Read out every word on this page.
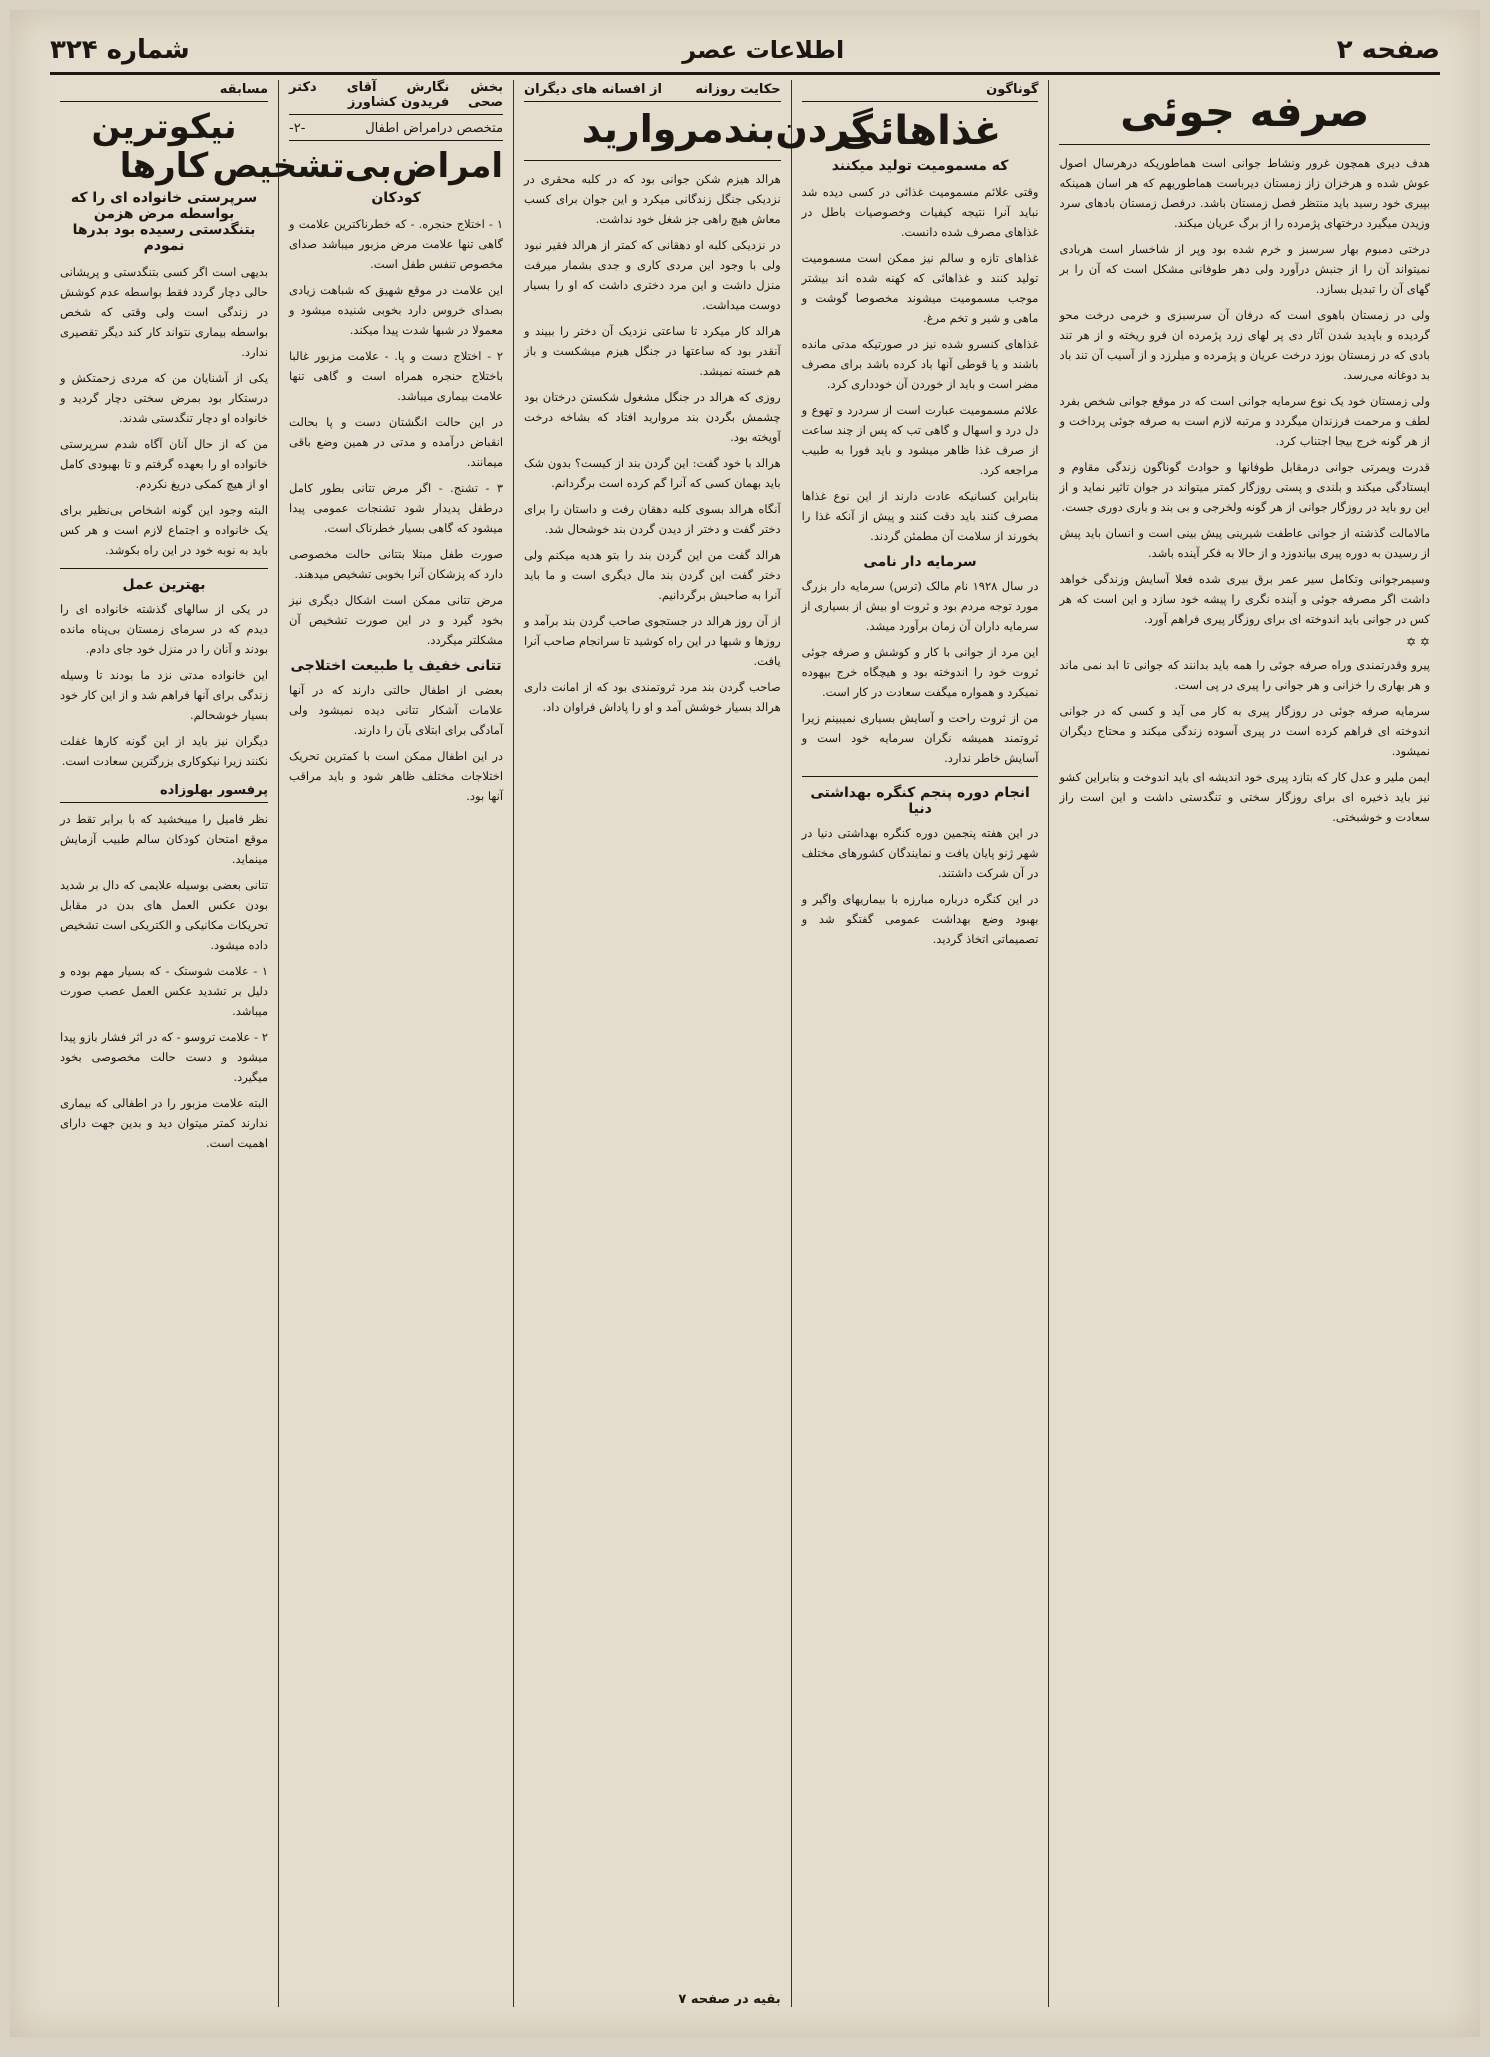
صفحه ۲
اطلاعات عصر
شماره ۳۲۴
صرفه جوئی

هدف دیری همچون غرور ونشاط جوانی است هماطوریکه درهرسال اصول عوش شده و هرخزان زاز زمستان دیرباست هماطوریهم که هر اسان همینکه بپیری خود رسید باید منتظر فصل زمستان باشد. درفصل زمستان بادهای سرد وزیدن میگیرد درختهای پژمرده را از برگ عریان میکند.

درختی دمبوم بهار سرسبز و خرم شده بود وپر از شاخسار است هربادی نمیتواند آن را از جنبش درآورد ولی دهر طوفانی مشکل است که آن را بر گهای آن را تبدیل بسازد.

ولی در زمستان باهوی است که درفان آن سرسبزی و خرمی درخت محو گردیده و باپدید شدن آثار دی پر لهای زرد پژمرده ان فرو ریخته و از هر تند بادی که در زمستان بوزد درخت عریان و پژمرده و میلرزد و از آسیب آن تند باد بد دوغانه می‌رسد.

ولی زمستان خود یک نوع سرمایه جوانی است که در موقع جوانی شخص بفرد لطف و مرحمت فرزندان میگردد و مرتبه لازم است به صرفه جوئی پرداخت و از هر گونه خرج بیجا اجتناب کرد.

قدرت ویمرتی جوانی درمقابل طوفانها و حوادث گوناگون زندگی مقاوم و ایستادگی میکند و بلندی و پستی روزگار کمتر میتواند در جوان تاثیر نماید و از این رو باید در روزگار جوانی از هر گونه ولخرجی و بی بند و باری دوری جست.

مالامالت گذشته از جوانی عاطفت شیرینی پیش بینی است و انسان باید پیش از رسیدن به دوره پیری بیاندوزد و از حالا به فکر آینده باشد.

وسیمرجوانی وتکامل سیر عمر برق بیری شده فعلا آسایش وزندگی خواهد داشت اگر مصرفه جوئی و آینده نگری را پیشه خود سازد و این است که هر کس در جوانی باید اندوخته ای برای روزگار پیری فراهم آورد.

✡ ✡

پیرو وقدرتمندی وراه صرفه جوئی را همه باید بدانند که جوانی تا ابد نمی ماند و هر بهاری را خزانی و هر جوانی را پیری در پی است.

سرمایه صرفه جوئی در روزگار پیری به کار می آید و کسی که در جوانی اندوخته ای فراهم کرده است در پیری آسوده زندگی میکند و محتاج دیگران نمیشود.

ایمن ملیر و عدل کار که بتازد پیری خود اندیشه ای باید اندوخت و بنابراین کشو نیز باید ذخیره ای برای روزگار سختی و تنگدستی داشت و این است راز سعادت و خوشبختی.

گوناگون
غذاهائی
که مسمومیت تولید میکنند

وقتی علائم مسمومیت غذائی در کسی دیده شد نباید آنرا نتیجه کیفیات وخصوصیات باطل در غذاهای مصرف شده دانست.

غذاهای تازه و سالم نیز ممکن است مسمومیت تولید کنند و غذاهائی که کهنه شده اند بیشتر موجب مسمومیت میشوند مخصوصا گوشت و ماهی و شیر و تخم مرغ.

غذاهای کنسرو شده نیز در صورتیکه مدتی مانده باشند و یا قوطی آنها باد کرده باشد برای مصرف مضر است و باید از خوردن آن خودداری کرد.

علائم مسمومیت عبارت است از سردرد و تهوع و دل درد و اسهال و گاهی تب که پس از چند ساعت از صرف غذا ظاهر میشود و باید فورا به طبیب مراجعه کرد.

بنابراین کسانیکه عادت دارند از این نوع غذاها مصرف کنند باید دقت کنند و پیش از آنکه غذا را بخورند از سلامت آن مطمئن گردند.

سرمایه دار نامی

در سال ۱۹۲۸ نام مالک (ترس) سرمایه دار بزرگ مورد توجه مردم بود و ثروت او بیش از بسیاری از سرمایه داران آن زمان برآورد میشد.

این مرد از جوانی با کار و کوشش و صرفه جوئی ثروت خود را اندوخته بود و هیچگاه خرج بیهوده نمیکرد و همواره میگفت سعادت در کار است.

من از ثروت راحت و آسایش بسیاری نمیبینم زیرا ثروتمند همیشه نگران سرمایه خود است و آسایش خاطر ندارد.

انجام دوره پنجم کنگره بهداشتی دنیا

در این هفته پنجمین دوره کنگره بهداشتی دنیا در شهر ژنو پایان یافت و نمایندگان کشورهای مختلف در آن شرکت داشتند.

در این کنگره درباره مبارزه با بیماریهای واگیر و بهبود وضع بهداشت عمومی گفتگو شد و تصمیماتی اتخاذ گردید.

حکایت روزانه
از افسانه های دیگران
گردن‌بند‌مروارید

هرالد هیزم شکن جوانی بود که در کلبه محقری در نزدیکی جنگل زندگانی میکرد و این جوان برای کسب معاش هیچ راهی جز شغل خود نداشت.

در نزدیکی کلبه او دهقانی که کمتر از هرالد فقیر نبود ولی با وجود این مردی کاری و جدی بشمار میرفت منزل داشت و این مرد دختری داشت که او را بسیار دوست میداشت.

هرالد کار میکرد تا ساعتی نزدیک آن دختر را ببیند و آنقدر بود که ساعتها در جنگل هیزم میشکست و باز هم خسته نمیشد.

روزی که هرالد در جنگل مشغول شکستن درختان بود چشمش بگردن بند مروارید افتاد که بشاخه درخت آویخته بود.

هرالد با خود گفت: این گردن بند از کیست؟ بدون شک باید بهمان کسی که آنرا گم کرده است برگردانم.

آنگاه هرالد بسوی کلبه دهقان رفت و داستان را برای دختر گفت و دختر از دیدن گردن بند خوشحال شد.

هرالد گفت من این گردن بند را بتو هدیه میکنم ولی دختر گفت این گردن بند مال دیگری است و ما باید آنرا به صاحبش برگردانیم.

از آن روز هرالد در جستجوی صاحب گردن بند برآمد و روزها و شبها در این راه کوشید تا سرانجام صاحب آنرا یافت.

صاحب گردن بند مرد ثروتمندی بود که از امانت داری هرالد بسیار خوشش آمد و او را پاداش فراوان داد.

بقیه در صفحه ۷
بخش صحی
نگارش آقای دکتر فریدون کشاورز
متخصص درامراض اطفال
-۲-
امراض‌بی‌تشخیص
کودکان

۱ - اختلاج حنجره. - که خطرناکترین علامت و گاهی تنها علامت مرض مزبور میباشد صدای مخصوص تنفس طفل است.

این علامت در موقع شهیق که شباهت زیادی بصدای خروس دارد بخوبی شنیده میشود و معمولا در شبها شدت پیدا میکند.

۲ - اختلاج دست و پا. - علامت مزبور غالبا باختلاج حنجره همراه است و گاهی تنها علامت بیماری میباشد.

در این حالت انگشتان دست و پا بحالت انقباض درآمده و مدتی در همین وضع باقی میمانند.

۳ - تشنج. - اگر مرض تتانی بطور کامل درطفل پدیدار شود تشنجات عمومی پیدا میشود که گاهی بسیار خطرناک است.

صورت طفل مبتلا بتتانی حالت مخصوصی دارد که پزشکان آنرا بخوبی تشخیص میدهند.

مرض تتانی ممکن است اشکال دیگری نیز بخود گیرد و در این صورت تشخیص آن مشکلتر میگردد.

تتانی خفیف یا طبیعت اختلاجی

بعضی از اطفال حالتی دارند که در آنها علامات آشکار تتانی دیده نمیشود ولی آمادگی برای ابتلای بآن را دارند.

در این اطفال ممکن است با کمترین تحریک اختلاجات مختلف ظاهر شود و باید مراقب آنها بود.

مسابقه
نیکوترین کارها
سرپرستی خانواده ای را که بواسطه مرض هزمن بتنگدستی رسیده بود بدرها نمودم

بدیهی است اگر کسی بتنگدستی و پریشانی حالی دچار گردد فقط بواسطه عدم کوشش در زندگی است ولی وقتی که شخص بواسطه بیماری نتواند کار کند دیگر تقصیری ندارد.

یکی از آشنایان من که مردی زحمتکش و درستکار بود بمرض سختی دچار گردید و خانواده او دچار تنگدستی شدند.

من که از حال آنان آگاه شدم سرپرستی خانواده او را بعهده گرفتم و تا بهبودی کامل او از هیچ کمکی دریغ نکردم.

البته وجود این گونه اشخاص بی‌نظیر برای یک خانواده و اجتماع لازم است و هر کس باید به نوبه خود در این راه بکوشد.

بهترین عمل

در یکی از سالهای گذشته خانواده ای را دیدم که در سرمای زمستان بی‌پناه مانده بودند و آنان را در منزل خود جای دادم.

این خانواده مدتی نزد ما بودند تا وسیله زندگی برای آنها فراهم شد و از این کار خود بسیار خوشحالم.

دیگران نیز باید از این گونه کارها غفلت نکنند زیرا نیکوکاری بزرگترین سعادت است.

پرفسور بهلوزاده

نظر فامیل را میبخشید که با برابر تقط در موقع امتحان کودکان سالم طبیب آزمایش مینماید.

تتانی بعضی بوسیله علایمی که دال بر شدید بودن عکس العمل های بدن در مقابل تحریکات مکانیکی و الکتریکی است تشخیص داده میشود.

۱ - علامت شوستک - که بسیار مهم بوده و دلیل بر تشدید عکس العمل عصب صورت میباشد.

۲ - علامت تروسو - که در اثر فشار بازو پیدا میشود و دست حالت مخصوصی بخود میگیرد.

البته علامت مزبور را در اطفالی که بیماری ندارند کمتر میتوان دید و بدین جهت دارای اهمیت است.
